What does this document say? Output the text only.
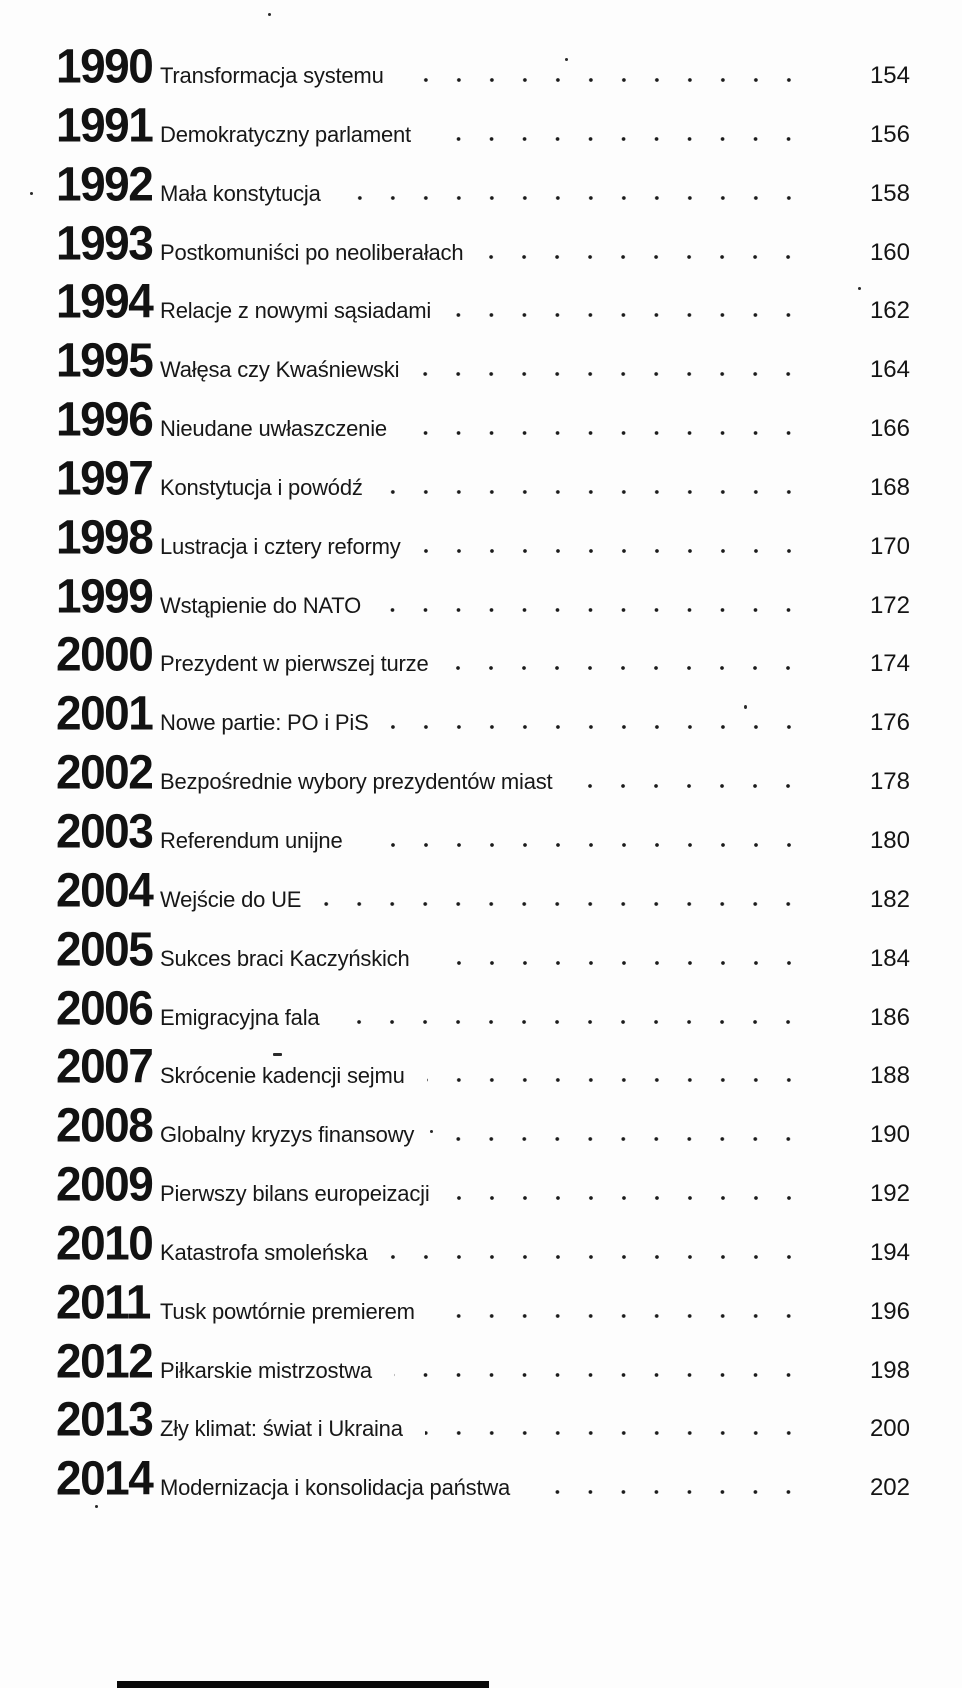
1990 Transformacja systemu	154
1991 Demokratyczny parlament	156
1992 Mała konstytucja	158
1993 Postkomuniści po neoliberałach	160
1994 Relacje z nowymi sąsiadami	162
1995 Wałęsa czy Kwaśniewski	164
1996 Nieudane uwłaszczenie	166
1997 Konstytucja i powódź	168
1998 Lustracja i cztery reformy	170
1999 Wstąpienie do NATO	172
2000 Prezydent w pierwszej turze	174
2001 Nowe partie: PO i PiS	176
2002 Bezpośrednie wybory prezydentów miast	178
2003 Referendum unijne	180
2004 Wejście do UE	182
2005 Sukces braci Kaczyńskich	184
2006 Emigracyjna fala	186
2007 Skrócenie kadencji sejmu	188
2008 Globalny kryzys finansowy	190
2009 Pierwszy bilans europeizacji	192
2010 Katastrofa smoleńska	194
2011 Tusk powtórnie premierem	196
2012 Piłkarskie mistrzostwa	198
2013 Zły klimat: świat i Ukraina	200
2014 Modernizacja i konsolidacja państwa	202
